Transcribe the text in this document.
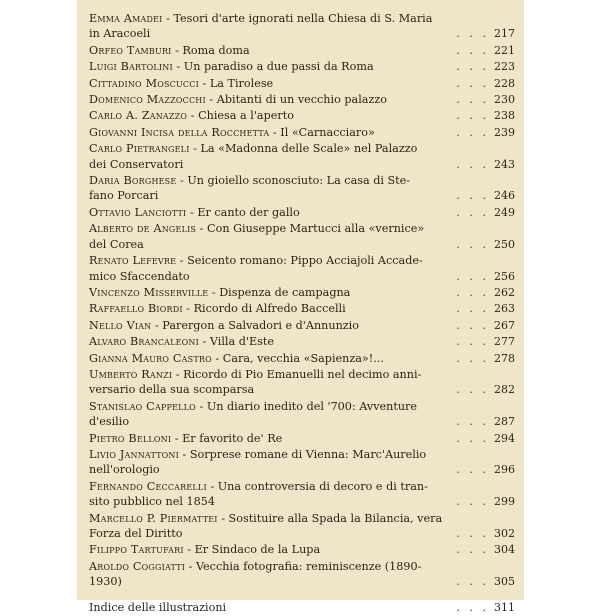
Emma Amadei - Tesori d'arte ignorati nella Chiesa di S. Maria
in Aracoeli	. . . 217
Orfeo Tamburi - Roma doma	. . . 221
Luigi Bartolini - Un paradiso a due passi da Roma	. . . 223
Cittadino Moscucci - La Tirolese	. . . 228
Domenico Mazzocchi - Abitanti di un vecchio palazzo	. . . 230
Carlo A. Zanazzo - Chiesa a l'aperto	. . . 238
Giovanni Incisa della Rocchetta - Il «Carnacciaro»	. . . 239
Carlo Pietrangeli - La «Madonna delle Scale» nel Palazzo
dei Conservatori	. . . 243
Daria Borghese - Un gioiello sconosciuto: La casa di Ste-
fano Porcari	. . . 246
Ottavio Lanciotti - Er canto der gallo	. . . 249
Alberto de Angelis - Con Giuseppe Martucci alla «vernice»
del Corea	. . . 250
Renato Lefevre - Seicento romano: Pippo Acciajoli Accade-
mico Sfaccendato	. . . 256
Vincenzo Misserville - Dispenza de campagna	. . . 262
Raffaello Biordi - Ricordo di Alfredo Baccelli	. . . 263
Nello Vian - Parergon a Salvadori e d'Annunzio	. . . 267
Alvaro Brancaleoni - Villa d'Este	. . . 277
Gianna Mauro Castro - Cara, vecchia «Sapienza»!...	. . . 278
Umberto Ranzi - Ricordo di Pio Emanuelli nel decimo anni-
versario della sua scomparsa	. . . 282
Stanislao Cappello - Un diario inedito del '700: Avventure
d'esilio	. . . 287
Pietro Belloni - Er favorito de' Re	. . . 294
Livio Jannattoni - Sorprese romane di Vienna: Marc'Aurelio
nell'orologio	. . . 296
Fernando Ceccarelli - Una controversia di decoro e di tran-
sito pubblico nel 1854	. . . 299
Marcello P. Piermattei - Sostituire alla Spada la Bilancia, vera
Forza del Diritto	. . . 302
Filippo Tartufari - Er Sindaco de la Lupa	. . . 304
Aroldo Coggiatti - Vecchia fotografia: reminiscenze (1890-1930)	. . . 305
Indice delle illustrazioni	. . . 311
